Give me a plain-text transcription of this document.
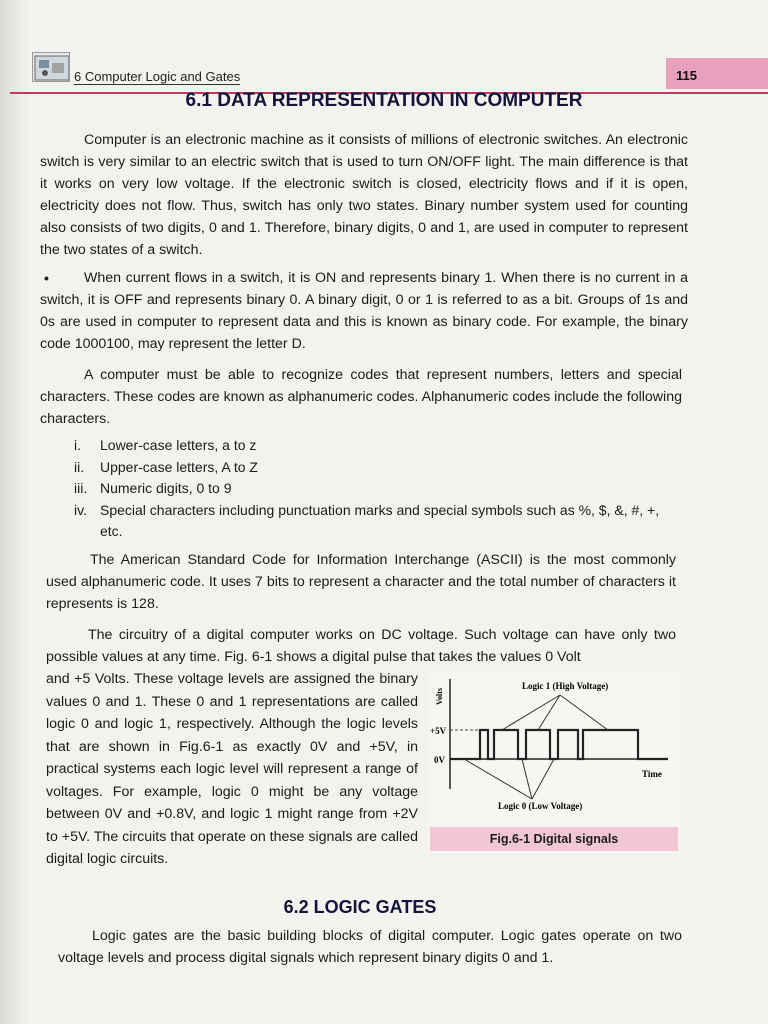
6 Computer Logic and Gates	115
6.1 DATA REPRESENTATION IN COMPUTER

Computer is an electronic machine as it consists of millions of electronic switches. An electronic switch is very similar to an electric switch that is used to turn ON/OFF light. The main difference is that it works on very low voltage. If the electronic switch is closed, electricity flows and if it is open, electricity does not flow. Thus, switch has only two states. Binary number system used for counting also consists of two digits, 0 and 1. Therefore, binary digits, 0 and 1, are used in computer to represent the two states of a switch.

•	When current flows in a switch, it is ON and represents binary 1. When there is no current in a switch, it is OFF and represents binary 0. A binary digit, 0 or 1 is referred to as a bit. Groups of 1s and 0s are used in computer to represent data and this is known as binary code. For example, the binary code 1000100, may represent the letter D.

A computer must be able to recognize codes that represent numbers, letters and special characters. These codes are known as alphanumeric codes. Alphanumeric codes include the following characters.

i.	Lower-case letters, a to z
ii.	Upper-case letters, A to Z
iii. Numeric digits, 0 to 9
iv. Special characters including punctuation marks and special symbols such as %, $, &, #, +, etc.

The American Standard Code for Information Interchange (ASCII) is the most commonly used alphanumeric code. It uses 7 bits to represent a character and the total number of characters it represents is 128.

The circuitry of a digital computer works on DC voltage. Such voltage can have only two possible values at any time. Fig. 6-1 shows a digital pulse that takes the values 0 Volt

and +5 Volts. These voltage levels are assigned the binary values 0 and 1. These 0 and 1 representations are called logic 0 and logic 1, respectively. Although the logic levels that are shown in Fig.6-1 as exactly 0V and +5V, in practical systems each logic level will represent a range of voltages. For example, logic 0 might be any voltage between 0V and +0.8V, and logic 1 might range from +2V to +5V. The circuits that operate on these signals are called digital logic circuits.

Logic 1 (High Voltage)
Logic 0 (Low Voltage)
+5V
0V
Time
Volts
Fig.6-1 Digital signals
6.2 LOGIC GATES

Logic gates are the basic building blocks of digital computer. Logic gates operate on two voltage levels and process digital signals which represent binary digits 0 and 1.
